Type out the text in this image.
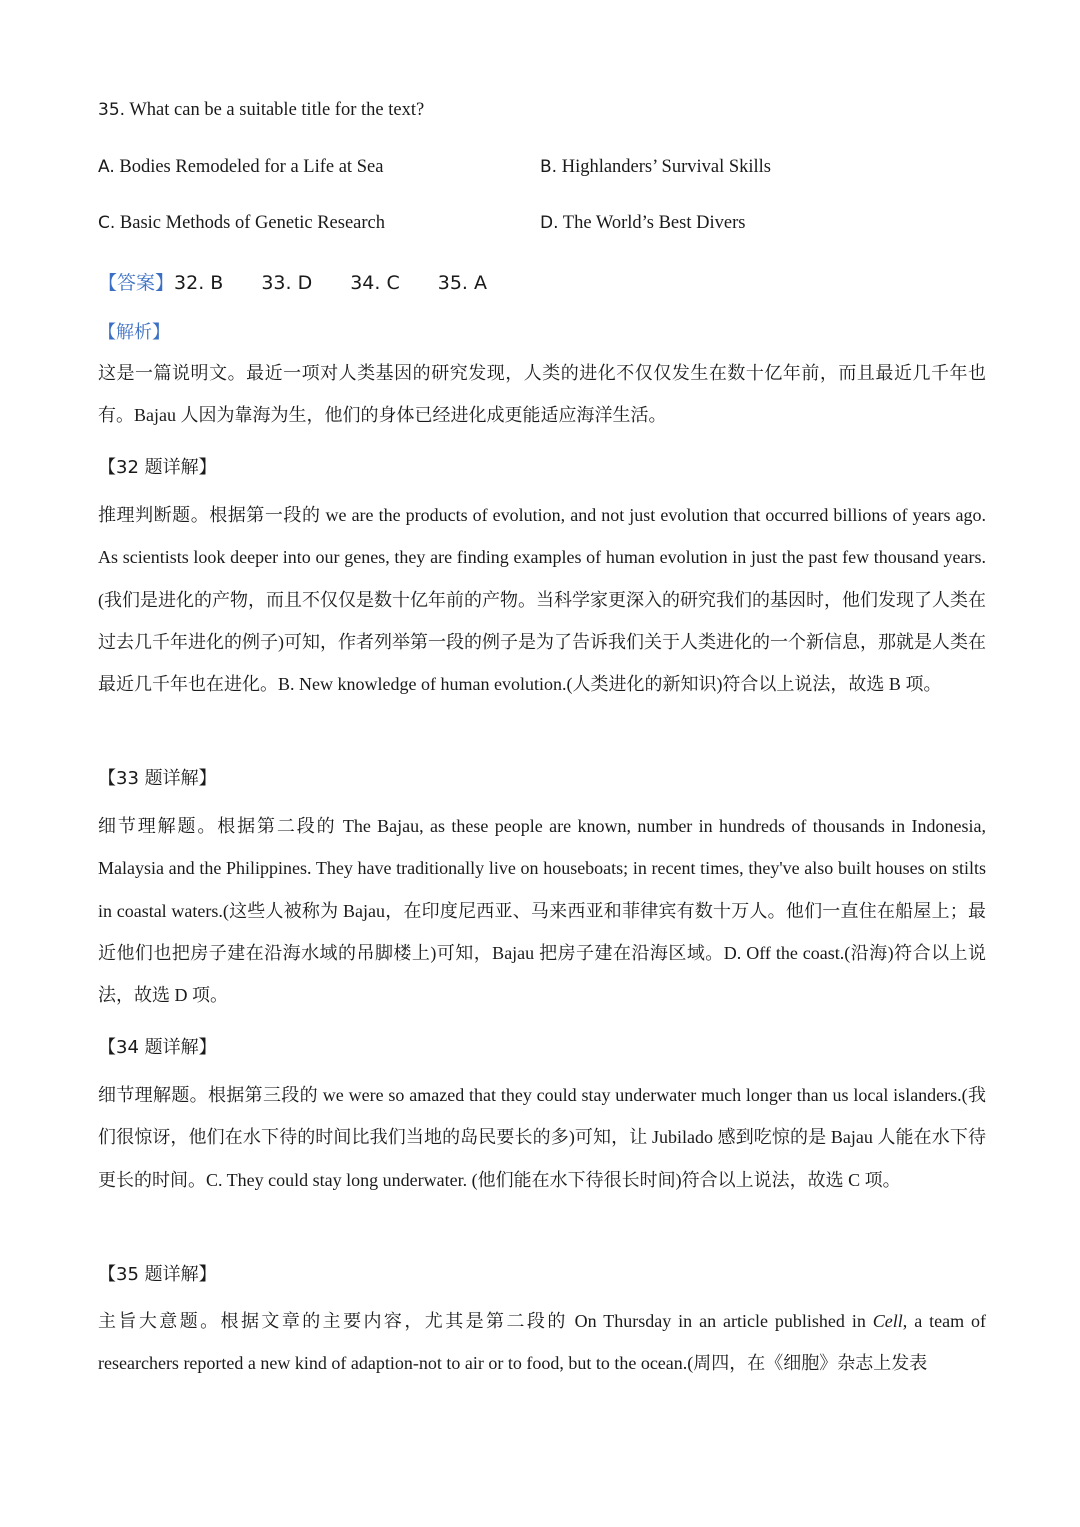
35. What can be a suitable title for the text?
A. Bodies Remodeled for a Life at Sea	B. Highlanders’ Survival Skills
C. Basic Methods of Genetic Research	D. The World’s Best Divers
【答案】32. B 33. D 34. C 35. A
【解析】
这是一篇说明文。最近一项对人类基因的研究发现，人类的进化不仅仅发生在数十亿年前，而且最近几千年也有。Bajau 人因为靠海为生，他们的身体已经进化成更能适应海洋生活。
【32 题详解】
推理判断题。根据第一段的 we are the products of evolution, and not just evolution that occurred billions of years ago. As scientists look deeper into our genes, they are finding examples of human evolution in just the past few thousand years.(我们是进化的产物，而且不仅仅是数十亿年前的产物。当科学家更深入的研究我们的基因时，他们发现了人类在过去几千年进化的例子)可知，作者列举第一段的例子是为了告诉我们关于人类进化的一个新信息，那就是人类在最近几千年也在进化。B. New knowledge of human evolution.(人类进化的新知识)符合以上说法，故选 B 项。
【33 题详解】
细节理解题。根据第二段的 The Bajau, as these people are known, number in hundreds of thousands in Indonesia, Malaysia and the Philippines. They have traditionally live on houseboats; in recent times, they've also built houses on stilts in coastal waters.(这些人被称为 Bajau，在印度尼西亚、马来西亚和菲律宾有数十万人。他们一直住在船屋上；最近他们也把房子建在沿海水域的吊脚楼上)可知，Bajau 把房子建在沿海区域。D. Off the coast.(沿海)符合以上说法，故选 D 项。
【34 题详解】
细节理解题。根据第三段的 we were so amazed that they could stay underwater much longer than us local islanders.(我们很惊讶，他们在水下待的时间比我们当地的岛民要长的多)可知，让 Jubilado 感到吃惊的是 Bajau 人能在水下待更长的时间。C. They could stay long underwater. (他们能在水下待很长时间)符合以上说法，故选 C 项。
【35 题详解】
主旨大意题。根据文章的主要内容，尤其是第二段的 On Thursday in an article published in Cell, a team of researchers reported a new kind of adaption-not to air or to food, but to the ocean.(周四，在《细胞》杂志上发表
